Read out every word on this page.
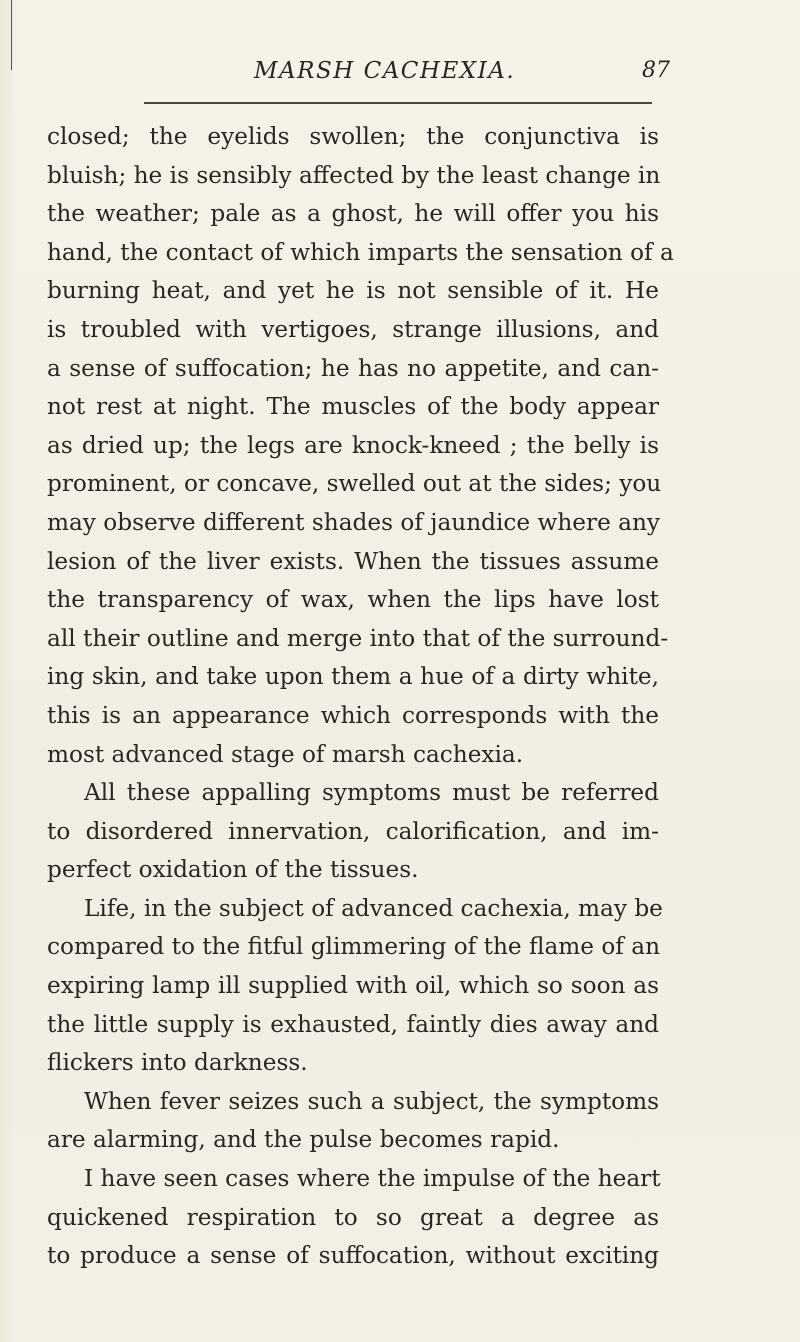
MARSH CACHEXIA.	87
closed; the eyelids swollen; the conjunctiva is
bluish; he is sensibly affected by the least change in
the weather; pale as a ghost, he will offer you his
hand, the contact of which imparts the sensation of a
burning heat, and yet he is not sensible of it. He
is troubled with vertigoes, strange illusions, and
a sense of suffocation; he has no appetite, and can-
not rest at night. The muscles of the body appear
as dried up; the legs are knock-kneed ; the belly is
prominent, or concave, swelled out at the sides; you
may observe different shades of jaundice where any
lesion of the liver exists. When the tissues assume
the transparency of wax, when the lips have lost
all their outline and merge into that of the surround-
ing skin, and take upon them a hue of a dirty white,
this is an appearance which corresponds with the
most advanced stage of marsh cachexia.
All these appalling symptoms must be referred
to disordered innervation, calorification, and im-
perfect oxidation of the tissues.
Life, in the subject of advanced cachexia, may be
compared to the fitful glimmering of the flame of an
expiring lamp ill supplied with oil, which so soon as
the little supply is exhausted, faintly dies away and
flickers into darkness.
When fever seizes such a subject, the symptoms
are alarming, and the pulse becomes rapid.
I have seen cases where the impulse of the heart
quickened respiration to so great a degree as
to produce a sense of suffocation, without exciting
